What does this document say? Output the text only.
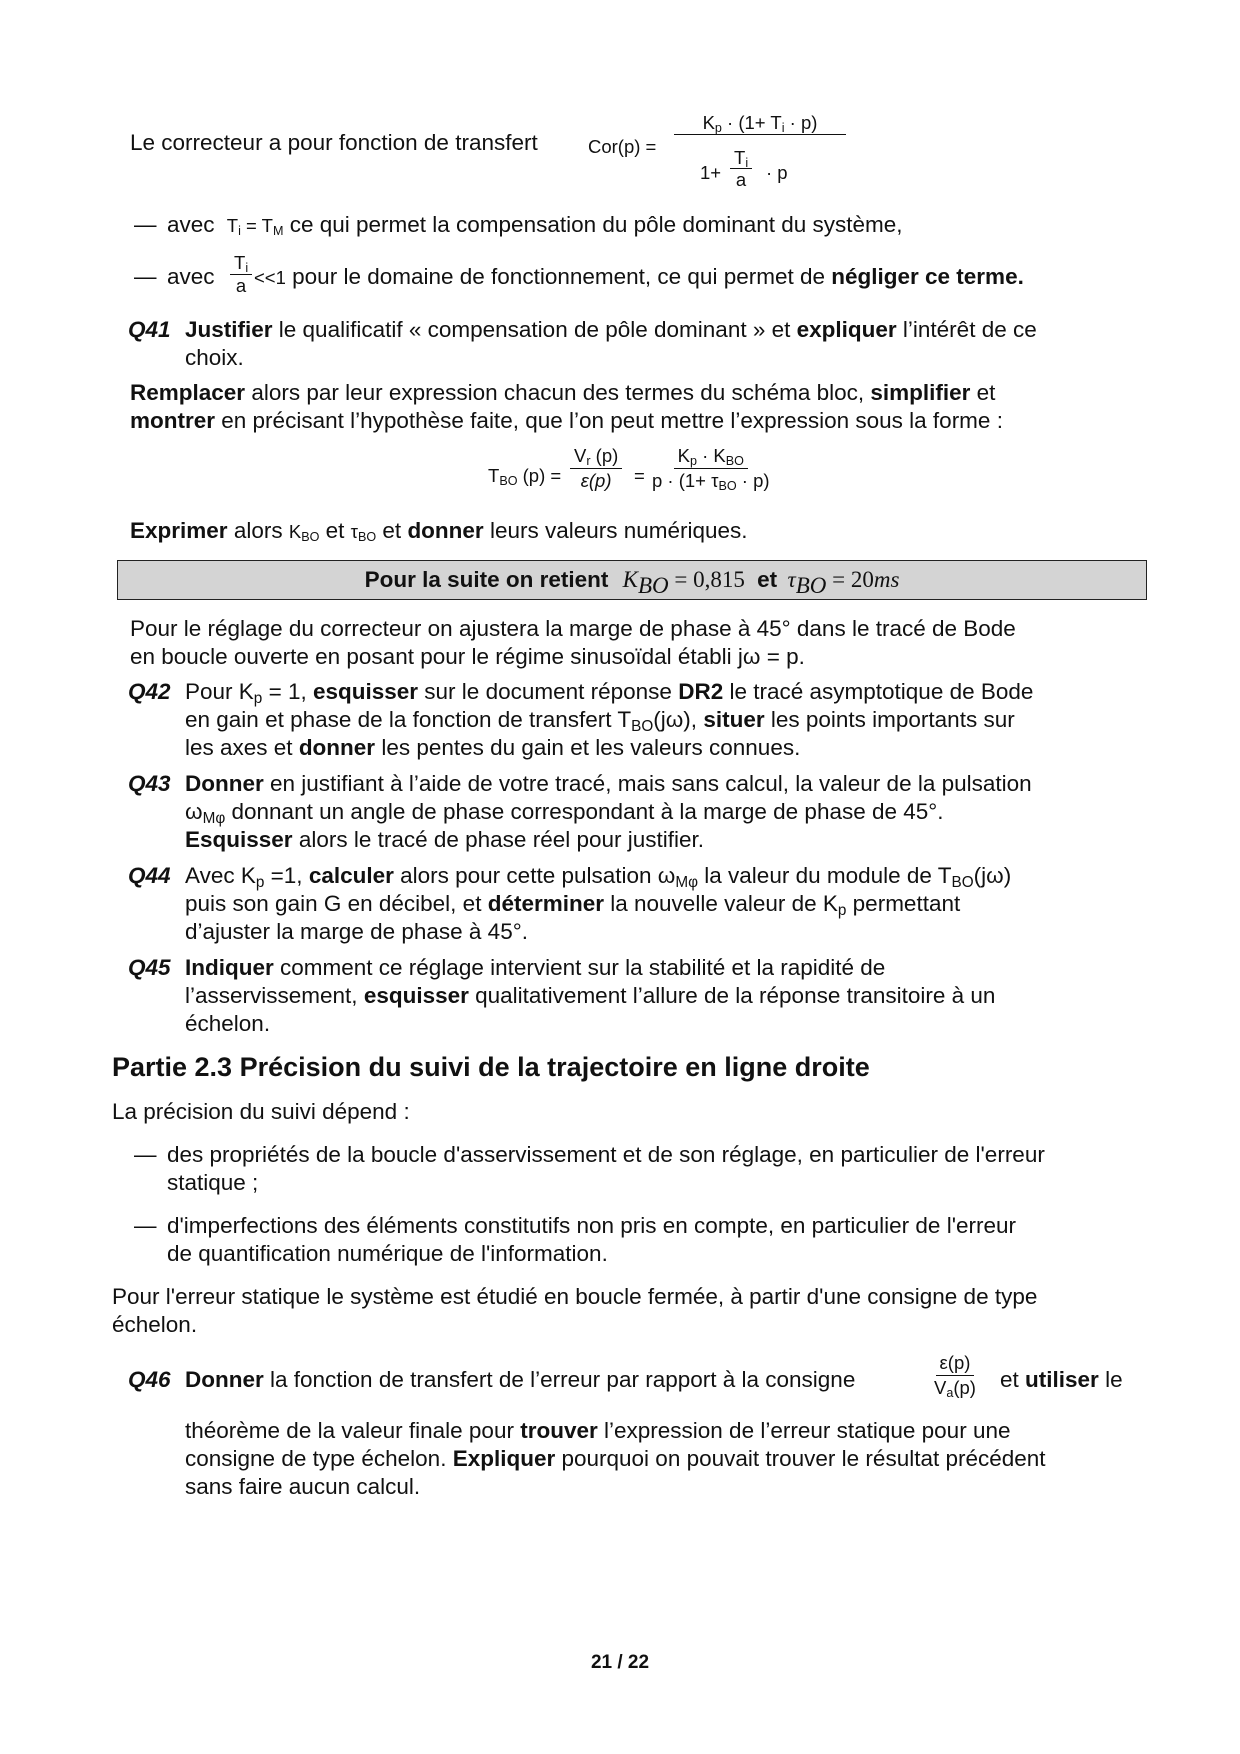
Le correcteur a pour fonction de transfert	Cor(p) =
$K_p \cdot (1+ T_i \cdot p)$
$1+ \frac{T_i}{a} \cdot p$
— avec $T_i = T_M$ ce qui permet la compensation du pôle dominant du système,
— avec $\frac{T_i}{a} <<1$ pour le domaine de fonctionnement, ce qui permet de négliger ce terme.
Q41 Justifier le qualificatif « compensation de pôle dominant » et expliquer l’intérêt de ce
choix.
Remplacer alors par leur expression chacun des termes du schéma bloc, simplifier et
montrer en précisant l’hypothèse faite, que l’on peut mettre l’expression sous la forme :
$T_{BO}$ $(p) = \frac{V_r (p)}{\varepsilon(p)}$ =
$K_p \cdot K_{BO}$
$p \cdot (1+ \tau_{BO} \cdot p)$
Exprimer alors $K_{BO}$ et $\tau_{BO}$ et donner leurs valeurs numériques.
Pour la suite on retient $K_{BO} = 0,815$ et $\tau_{BO} = 20ms$
Pour le réglage du correcteur on ajustera la marge de phase à 45° dans le tracé de Bode
en boucle ouverte en posant pour le régime sinusoïdal établi jω = p.
Q42 Pour $K_p = 1$, esquisser sur le document réponse DR2 le tracé asymptotique de Bode
en gain et phase de la fonction de transfert $T_{BO}(j\omega)$, situer les points importants sur
les axes et donner les pentes du gain et les valeurs connues.
Q43 Donner en justifiant à l’aide de votre tracé, mais sans calcul, la valeur de la pulsation
$\omega_{M\varphi}$ donnant un angle de phase correspondant à la marge de phase de 45°.
Esquisser alors le tracé de phase réel pour justifier.
Q44 Avec $K_p =1$, calculer alors pour cette pulsation $\omega_{M\varphi}$ la valeur du module de $T_{BO}(j\omega)$
puis son gain G en décibel, et déterminer la nouvelle valeur de $K_p$ permettant
d’ajuster la marge de phase à 45°.
Q45 Indiquer comment ce réglage intervient sur la stabilité et la rapidité de
l’asservissement, esquisser qualitativement l’allure de la réponse transitoire à un
échelon.
Partie 2.3 Précision du suivi de la trajectoire en ligne droite
La précision du suivi dépend :
— des propriétés de la boucle d'asservissement et de son réglage, en particulier de l'erreur
statique ;
— d'imperfections des éléments constitutifs non pris en compte, en particulier de l'erreur
de quantification numérique de l'information.
Pour l'erreur statique le système est étudié en boucle fermée, à partir d'une consigne de type
échelon.
Q46 Donner la fonction de transfert de l’erreur par rapport à la consigne	$\frac{\varepsilon(p)}{V_a(p)}$ et utiliser le
théorème de la valeur finale pour trouver l’expression de l’erreur statique pour une
consigne de type échelon. Expliquer pourquoi on pouvait trouver le résultat précédent
sans faire aucun calcul.
21 / 22
